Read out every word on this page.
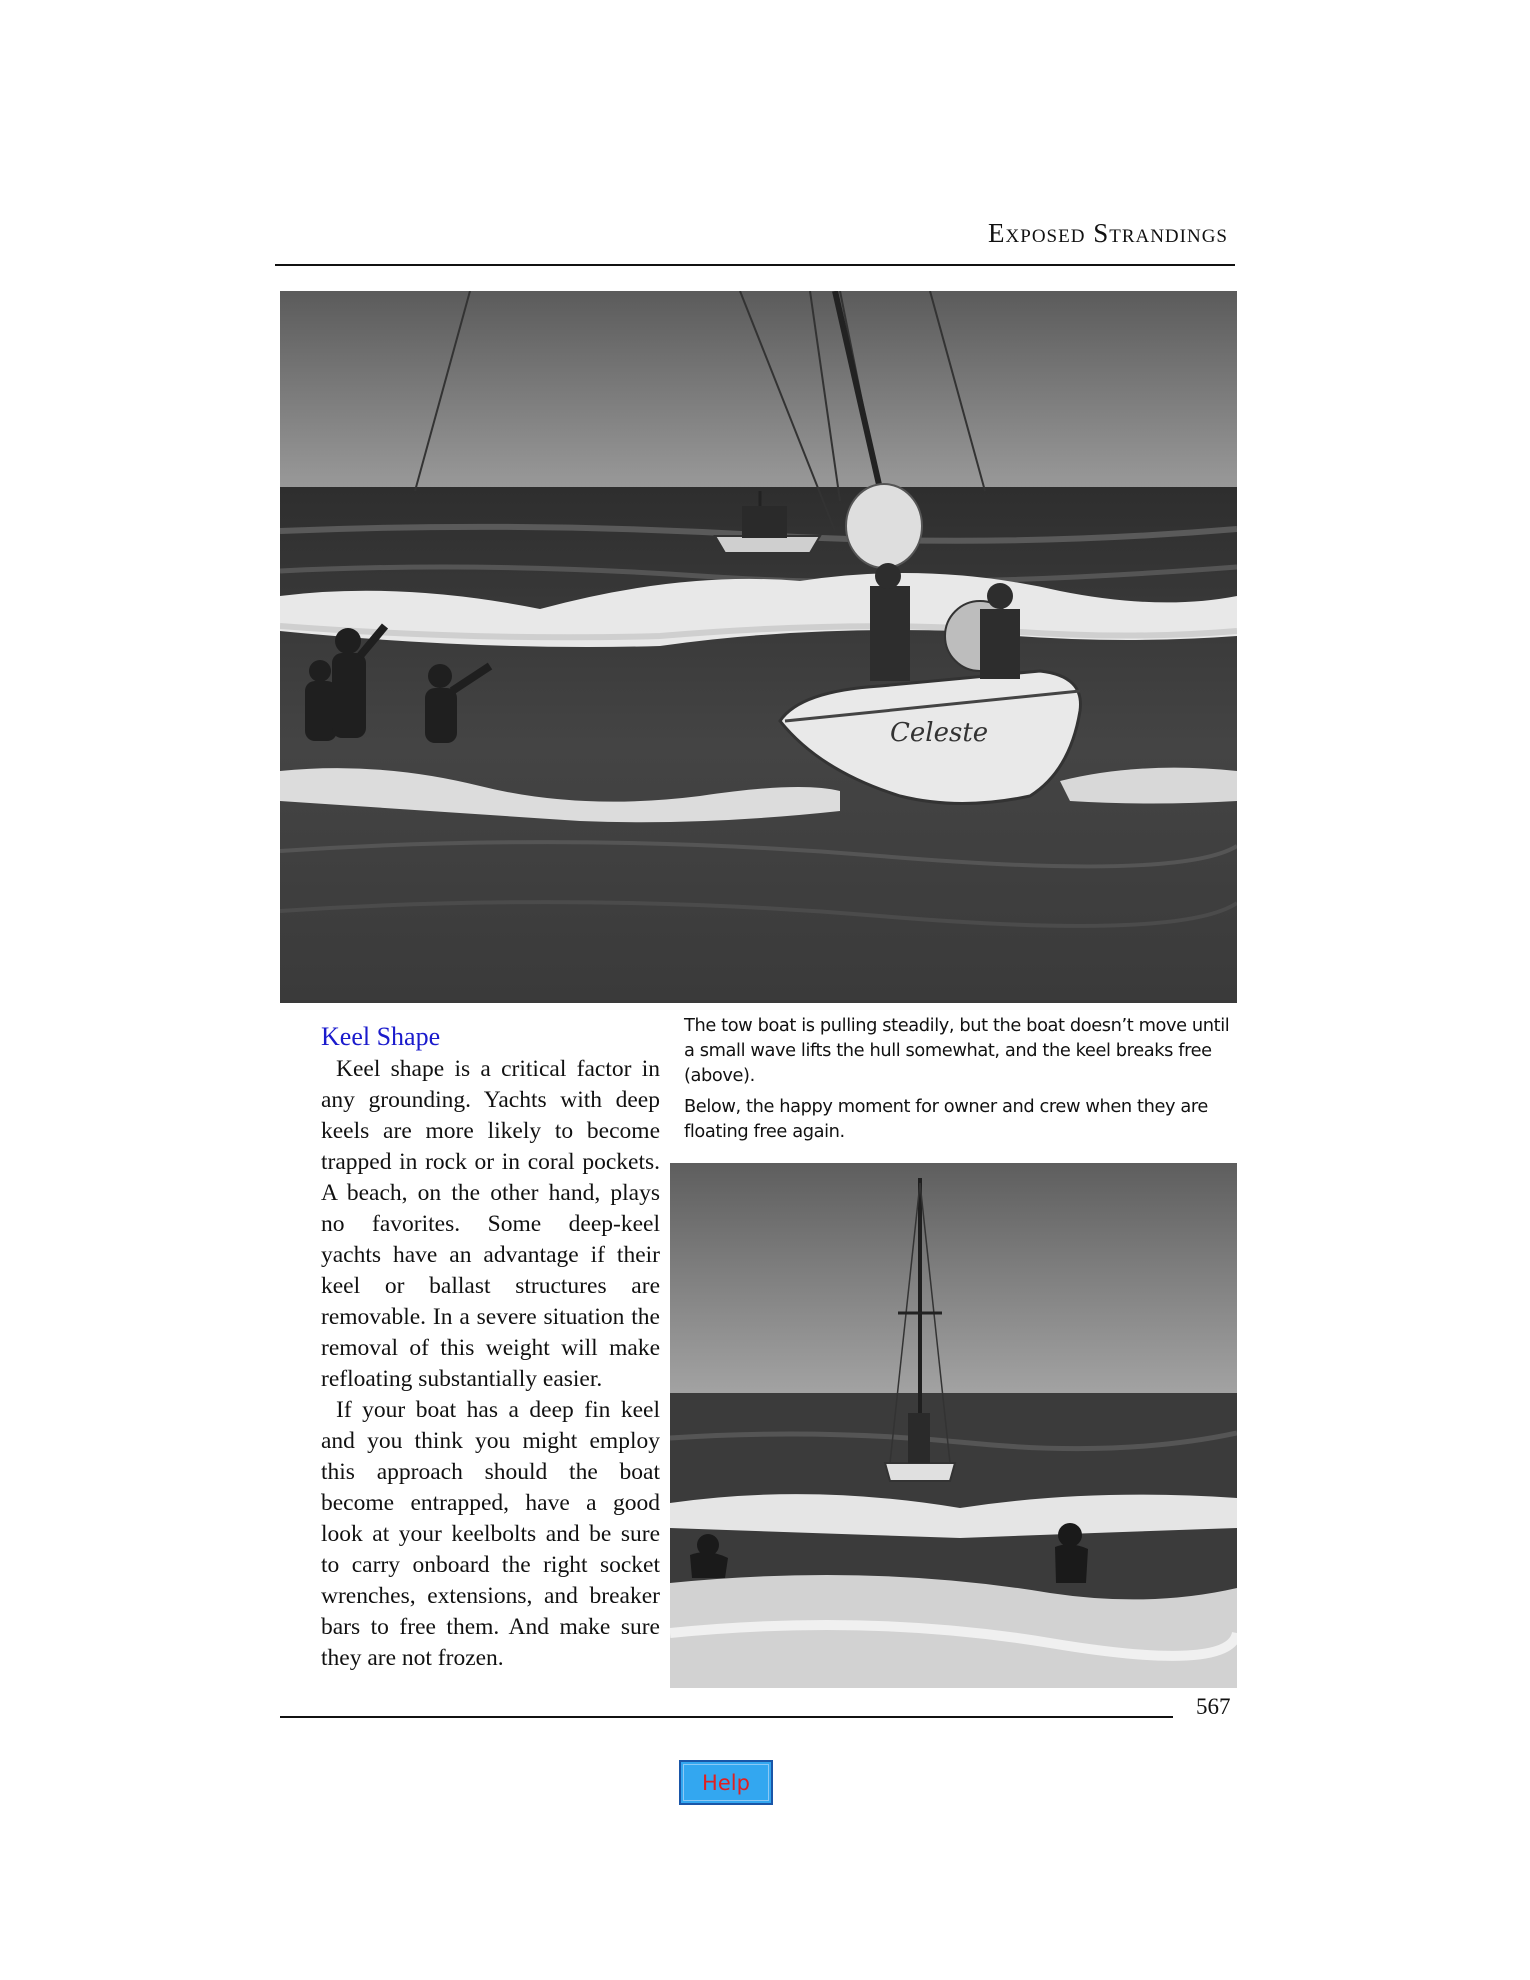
Exposed Strandings
Celeste
Keel Shape

Keel shape is a critical factor in any grounding. Yachts with deep keels are more likely to become trapped in rock or in coral pockets. A beach, on the other hand, plays no favorites. Some deep-keel yachts have an advantage if their keel or ballast structures are removable. In a severe situation the removal of this weight will make refloating substantially easier.

If your boat has a deep fin keel and you think you might employ this approach should the boat become entrapped, have a good look at your keelbolts and be sure to carry onboard the right socket wrenches, extensions, and breaker bars to free them. And make sure they are not frozen.

The tow boat is pulling steadily, but the boat doesn’t move until a small wave lifts the hull somewhat, and the keel breaks free (above).

Below, the happy moment for owner and crew when they are floating free again.

567
Help
